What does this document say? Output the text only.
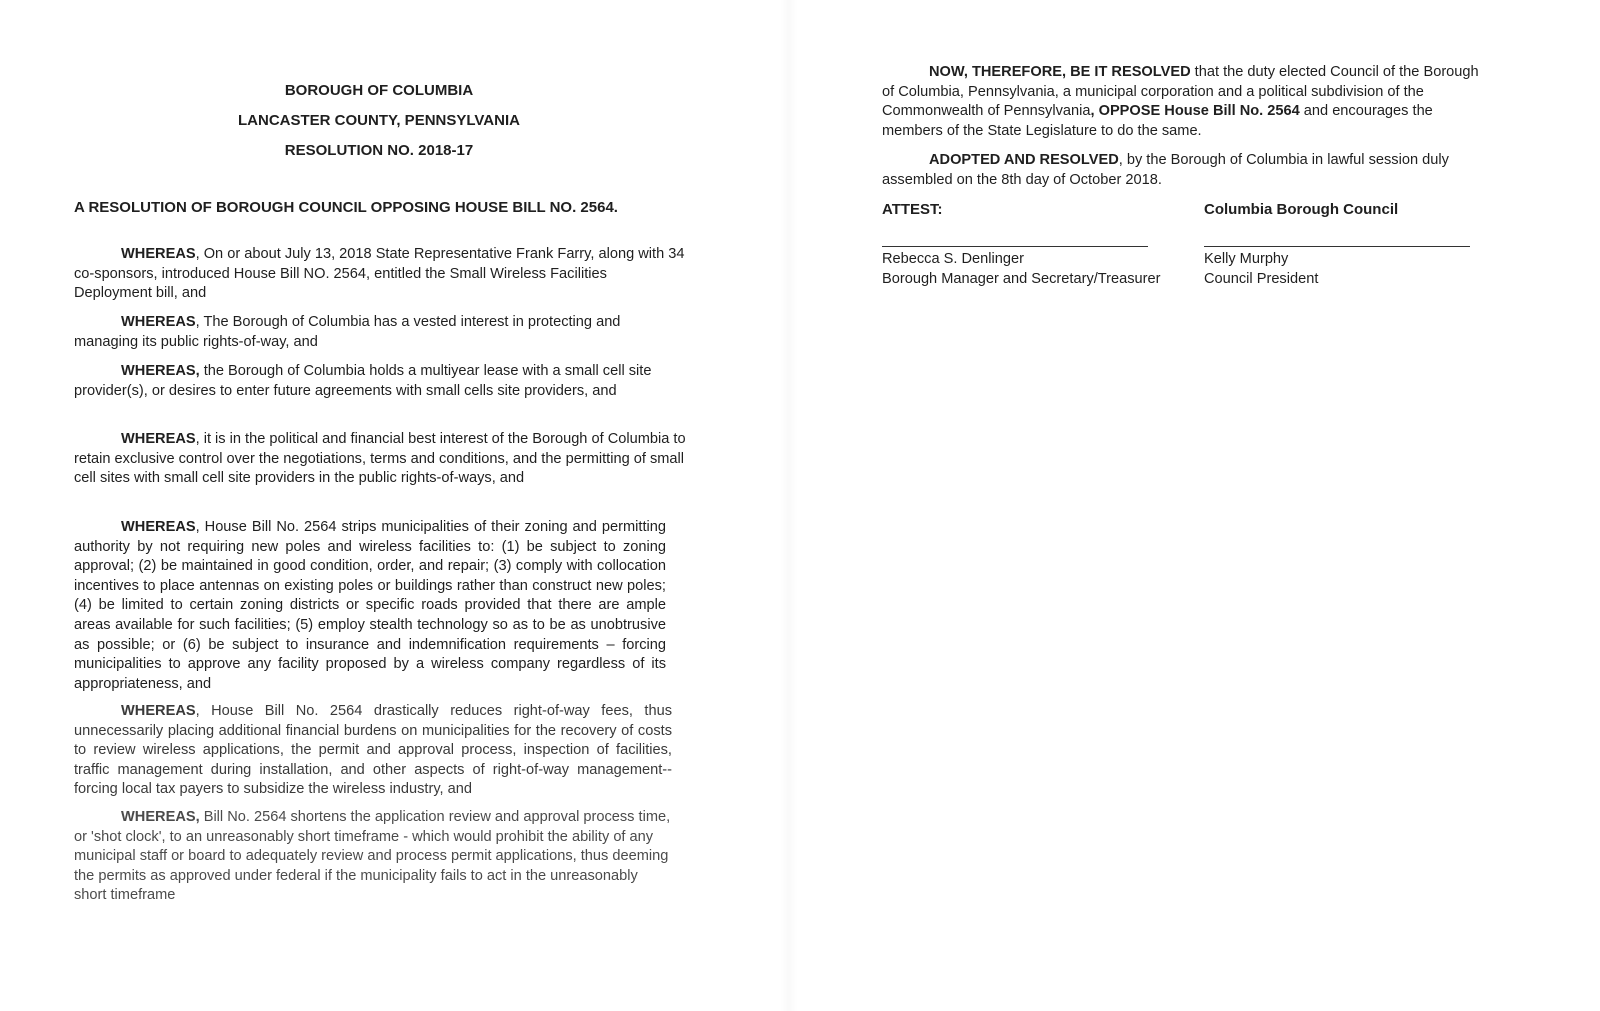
BOROUGH OF COLUMBIA
LANCASTER COUNTY, PENNSYLVANIA
RESOLUTION NO. 2018-17
A RESOLUTION OF BOROUGH COUNCIL OPPOSING HOUSE BILL NO. 2564.
WHEREAS, On or about July 13, 2018 State Representative Frank Farry, along with 34 co-sponsors, introduced House Bill NO. 2564, entitled the Small Wireless Facilities Deployment bill, and
WHEREAS, The Borough of Columbia has a vested interest in protecting and managing its public rights-of-way, and
WHEREAS, the Borough of Columbia holds a multiyear lease with a small cell site provider(s), or desires to enter future agreements with small cells site providers, and
WHEREAS, it is in the political and financial best interest of the Borough of Columbia to retain exclusive control over the negotiations, terms and conditions, and the permitting of small cell sites with small cell site providers in the public rights-of-ways, and
WHEREAS, House Bill No. 2564 strips municipalities of their zoning and permitting authority by not requiring new poles and wireless facilities to: (1) be subject to zoning approval; (2) be maintained in good condition, order, and repair; (3) comply with collocation incentives to place antennas on existing poles or buildings rather than construct new poles; (4) be limited to certain zoning districts or specific roads provided that there are ample areas available for such facilities; (5) employ stealth technology so as to be as unobtrusive as possible; or (6) be subject to insurance and indemnification requirements – forcing municipalities to approve any facility proposed by a wireless company regardless of its appropriateness, and
WHEREAS, House Bill No. 2564 drastically reduces right-of-way fees, thus unnecessarily placing additional financial burdens on municipalities for the recovery of costs to review wireless applications, the permit and approval process, inspection of facilities, traffic management during installation, and other aspects of right-of-way management-- forcing local tax payers to subsidize the wireless industry, and
WHEREAS, Bill No. 2564 shortens the application review and approval process time, or 'shot clock', to an unreasonably short timeframe - which would prohibit the ability of any municipal staff or board to adequately review and process permit applications, thus deeming the permits as approved under federal if the municipality fails to act in the unreasonably short timeframe
NOW, THEREFORE, BE IT RESOLVED that the duty elected Council of the Borough of Columbia, Pennsylvania, a municipal corporation and a political subdivision of the Commonwealth of Pennsylvania, OPPOSE House Bill No. 2564 and encourages the members of the State Legislature to do the same.
ADOPTED AND RESOLVED, by the Borough of Columbia in lawful session duly assembled on the 8th day of October 2018.
ATTEST:	Columbia Borough Council
Rebecca S. Denlinger
Borough Manager and Secretary/Treasurer
Kelly Murphy
Council President
